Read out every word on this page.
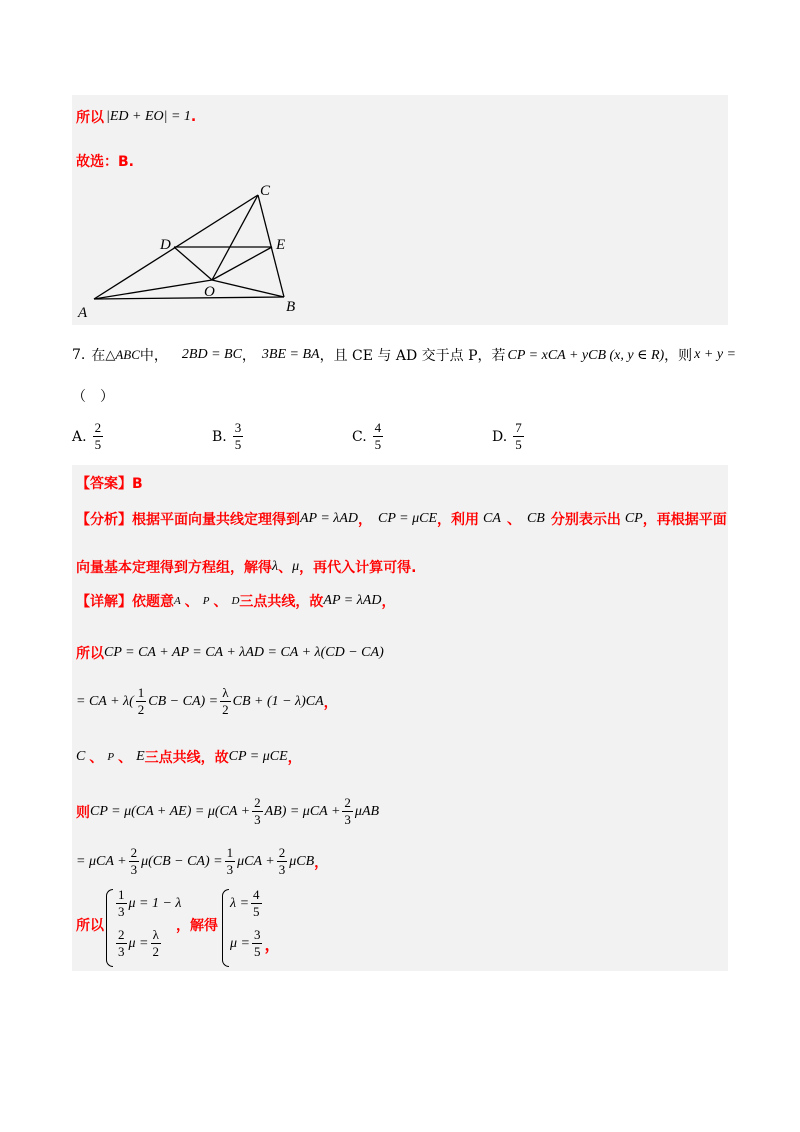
所以 |ED + EO| = 1 .
故选：B.
A	B
C
D	E
O
7. 在 △ABC 中， 2BD = BC ， 3BE = BA ，且 CE 与 AD 交于点 P，若 CP = xCA + yCB (x, y ∈ R) ，则 x + y =
（　）
A. $\frac{2}{5}$	B. $\frac{3}{5}$	C. $\frac{4}{5}$	D. $\frac{7}{5}$
【答案】B
【分析】根据平面向量共线定理得到 AP = λAD ， CP = μCE ，利用 CA 、 CB 分别表示出 CP ，再根据平面
向量基本定理得到方程组，解得 λ 、 μ ，再代入计算可得.
【详解】依题意 A 、 P 、 D 三点共线，故 AP = λAD ，
所以 CP = CA + AP = CA + λAD = CA + λ(CD − CA)
= CA + $\lambda( \frac{1}{2}$ CB − $CA) = \frac{\lambda}{2}$ CB + (1 − λ)CA ，
C 、 P 、 E 三点共线，故 CP = μCE ，
则 CP = $\mu(CA + AE) = \mu(CA + \frac{2}{3} AB) = \mu CA + \frac{2}{3}$ μAB
= $\mu CA + \frac{2}{3} \mu(CB - CA) = \frac{1}{3}$ $\mu CA + \frac{2}{3}$ μCB ，
所以
$\frac{1}{3}$ μ = 1 − λ
$\frac{2}{3}$ $\mu = \frac{\lambda}{2}$
，解得
$\lambda = \frac{4}{5}$
$\mu = \frac{3}{5}$ ，
